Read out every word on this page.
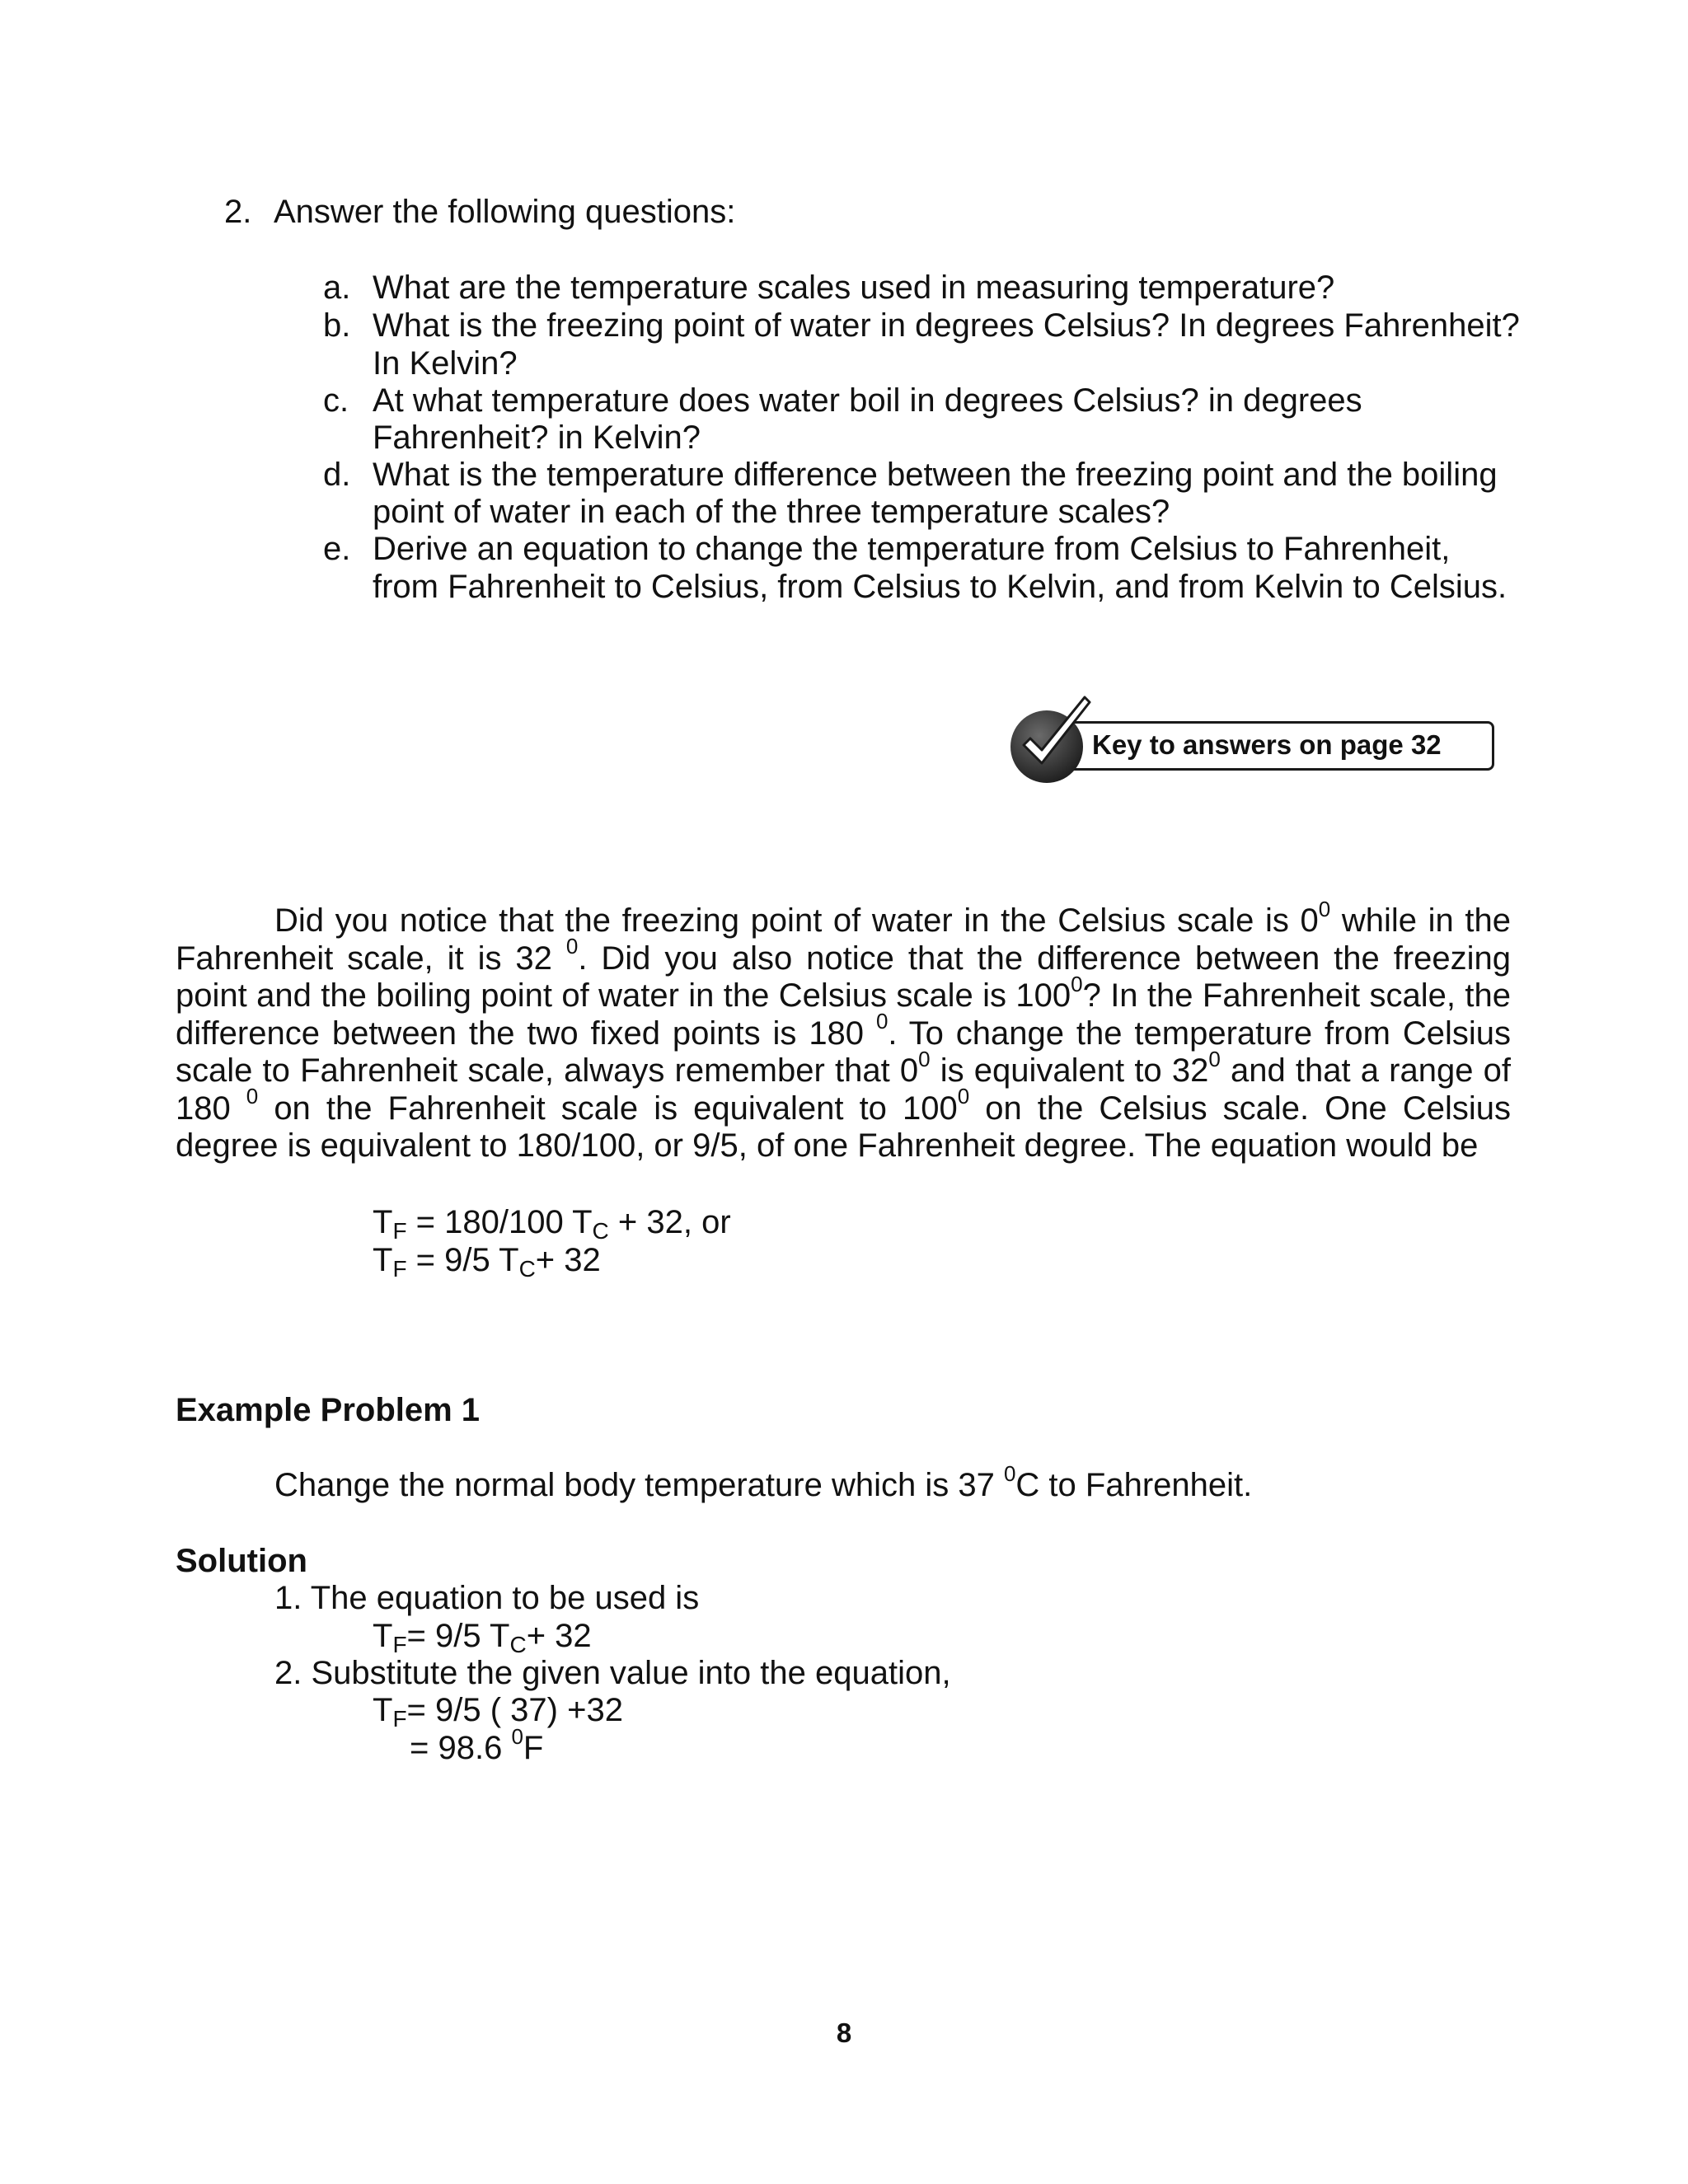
2. Answer the following questions:
a. What are the temperature scales used in measuring temperature?
b. What is the freezing point of water in degrees Celsius? In degrees Fahrenheit?
In Kelvin?
c. At what temperature does water boil in degrees Celsius? in degrees
Fahrenheit? in Kelvin?
d. What is the temperature difference between the freezing point and the boiling
point of water in each of the three temperature scales?
e. Derive an equation to change the temperature from Celsius to Fahrenheit,
from Fahrenheit to Celsius, from Celsius to Kelvin, and from Kelvin to Celsius.
Key to answers on page 32
Did you notice that the freezing point of water in the Celsius scale is $0^0$ while in the Fahrenheit scale, it is 32 $^0$. Did you also notice that the difference between the freezing point and the boiling point of water in the Celsius scale is $100^0$? In the Fahrenheit scale, the difference between the two fixed points is 180 $^0$. To change the temperature from Celsius scale to Fahrenheit scale, always remember that $0^0$ is equivalent to $32^0$ and that a range of 180 $^0$ on the Fahrenheit scale is equivalent to $100^0$ on the Celsius scale. One Celsius degree is equivalent to 180/100, or 9/5, of one Fahrenheit degree. The equation would be
$T_F = 180/100$ $T_C + 32$, or
$T_F = 9/5$ $T_C+ 32$
Example Problem 1
Change the normal body temperature which is 37 $^0$C to Fahrenheit.
Solution
1. The equation to be used is
$T_F= 9/5$ $T_C+ 32$
2. Substitute the given value into the equation,
$T_F= 9/5$ ( 37) +32
= 98.6 $^0$F
8
